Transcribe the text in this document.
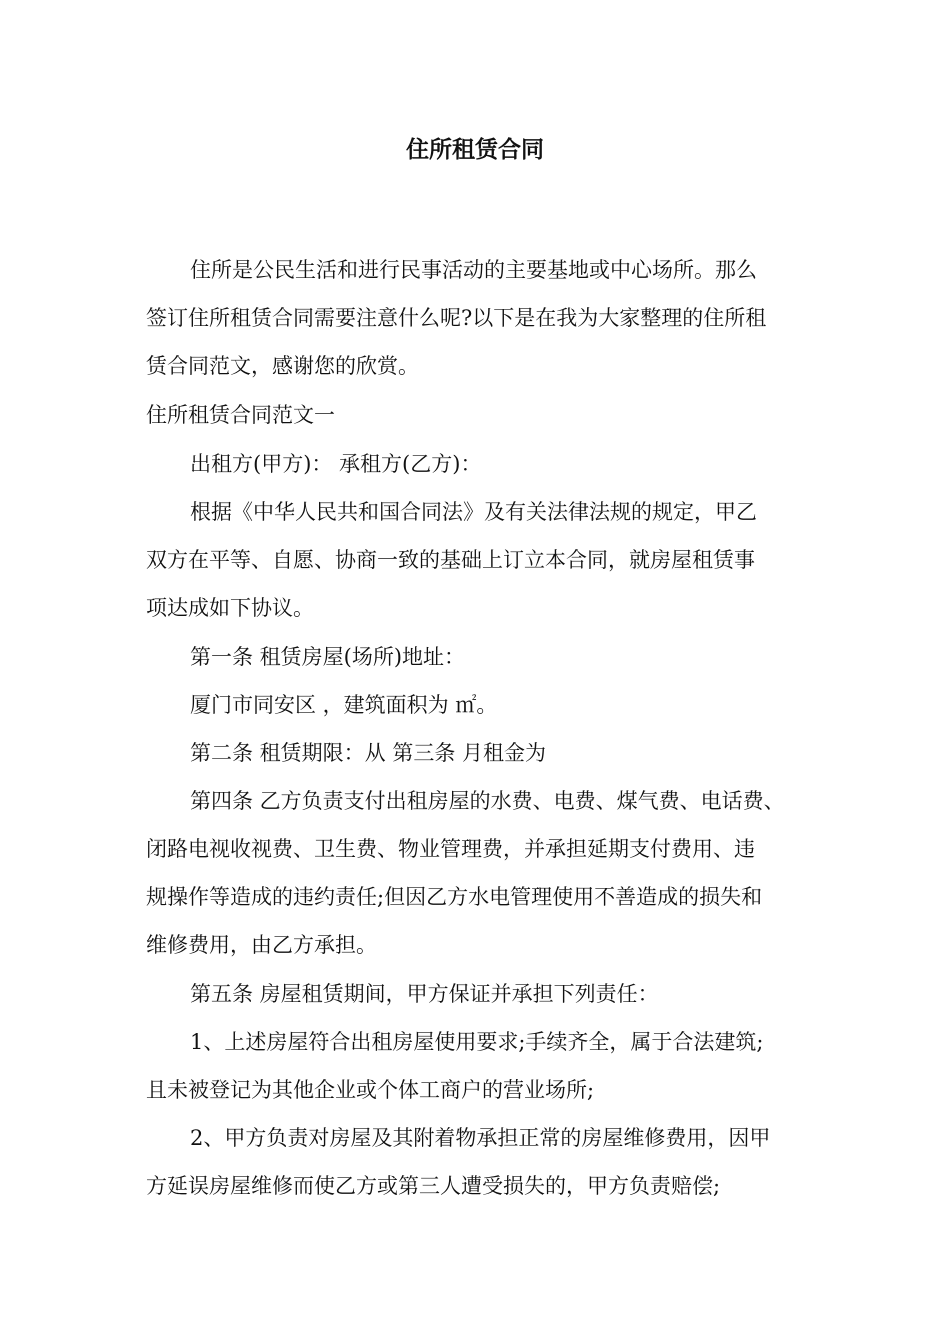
住所租赁合同
住所是公民生活和进行民事活动的主要基地或中心场所。那么
签订住所租赁合同需要注意什么呢?以下是在我为大家整理的住所租
赁合同范文，感谢您的欣赏。
住所租赁合同范文一
出租方(甲方)： 承租方(乙方)：
根据《中华人民共和国合同法》及有关法律法规的规定，甲乙
双方在平等、自愿、协商一致的基础上订立本合同，就房屋租赁事
项达成如下协议。
第一条 租赁房屋(场所)地址：
厦门市同安区 ，建筑面积为 ㎡。
第二条 租赁期限：从 第三条 月租金为
第四条 乙方负责支付出租房屋的水费、电费、煤气费、电话费、
闭路电视收视费、卫生费、物业管理费，并承担延期支付费用、违
规操作等造成的违约责任;但因乙方水电管理使用不善造成的损失和
维修费用，由乙方承担。
第五条 房屋租赁期间，甲方保证并承担下列责任：
1、上述房屋符合出租房屋使用要求;手续齐全，属于合法建筑;
且未被登记为其他企业或个体工商户的营业场所;
2、甲方负责对房屋及其附着物承担正常的房屋维修费用，因甲
方延误房屋维修而使乙方或第三人遭受损失的，甲方负责赔偿;
